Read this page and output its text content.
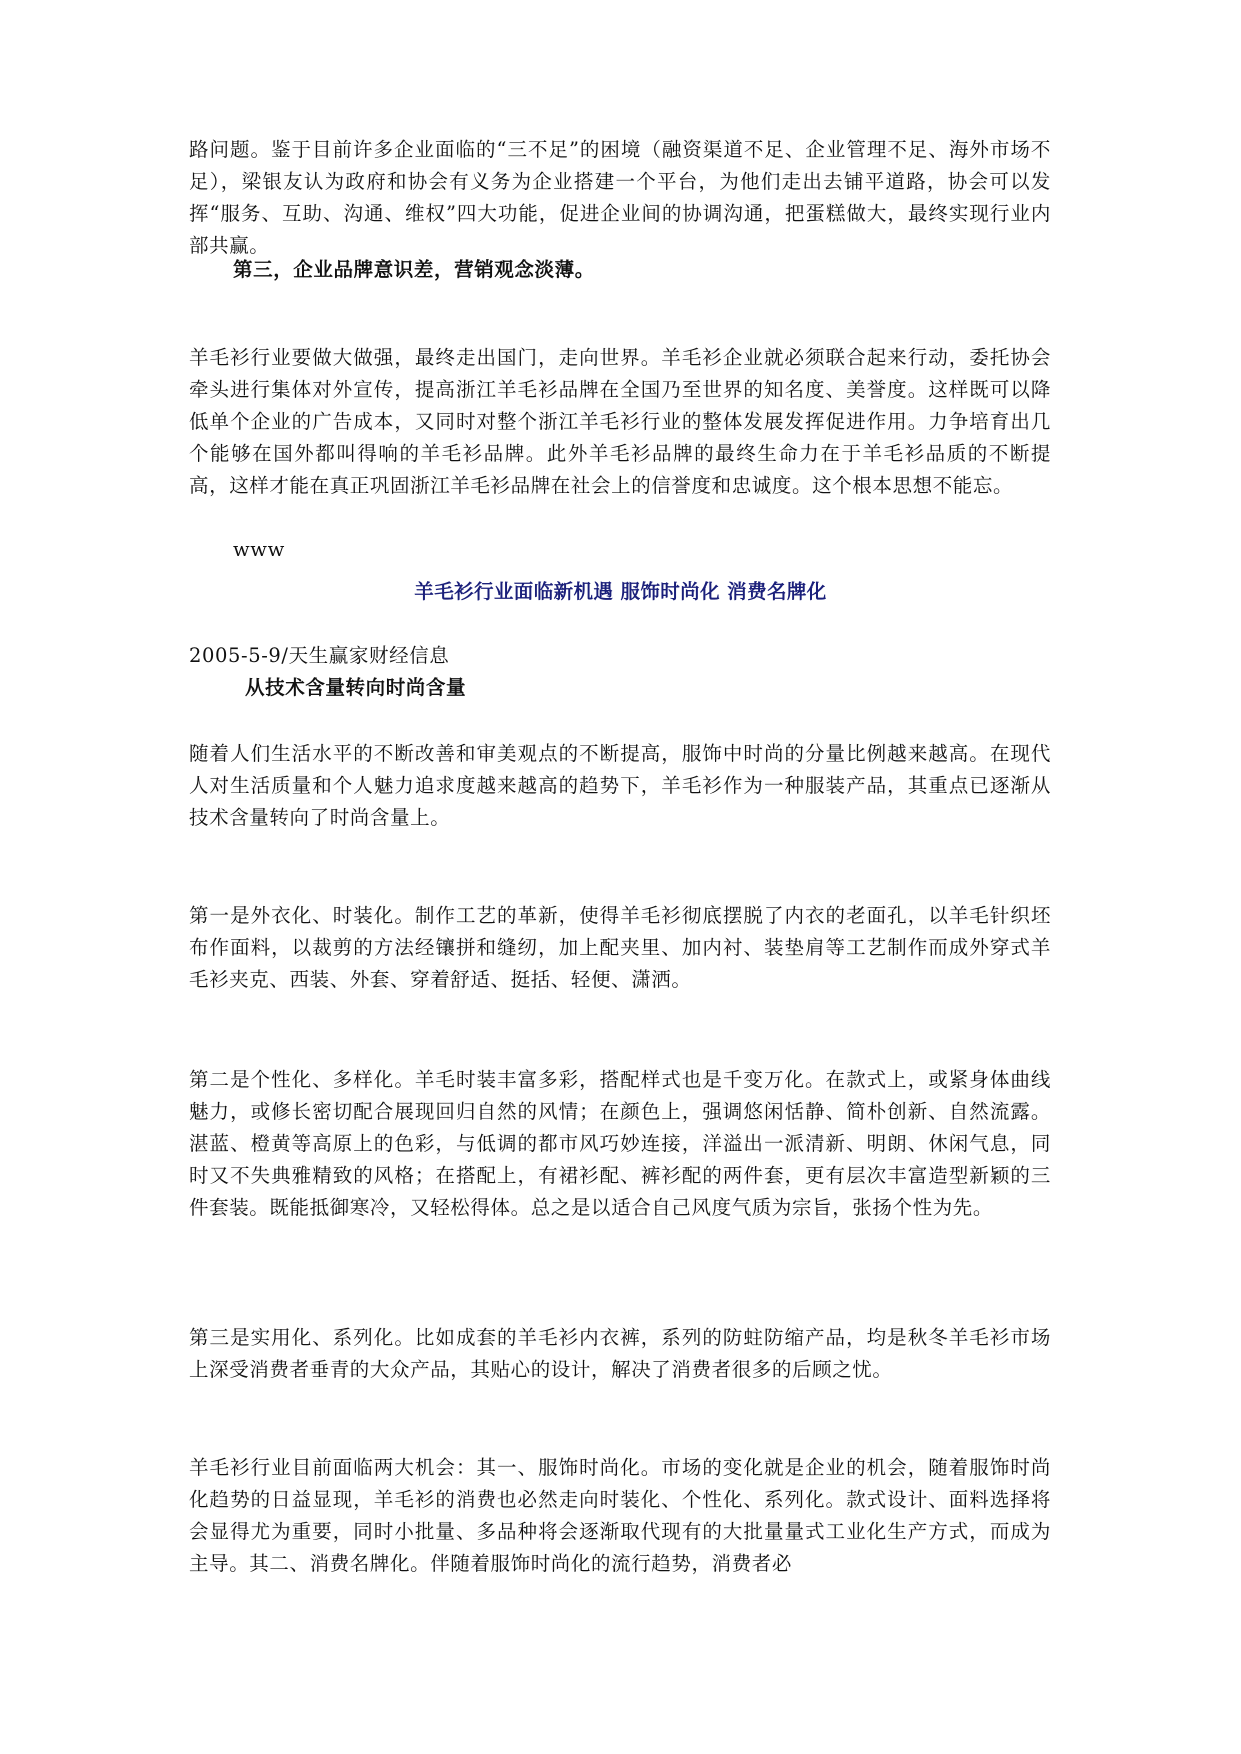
路问题。鉴于目前许多企业面临的“三不足”的困境（融资渠道不足、企业管理不足、海外市场不足），梁银友认为政府和协会有义务为企业搭建一个平台，为他们走出去铺平道路，协会可以发挥“服务、互助、沟通、维权”四大功能，促进企业间的协调沟通，把蛋糕做大，最终实现行业内部共赢。

第三，企业品牌意识差，营销观念淡薄。

羊毛衫行业要做大做强，最终走出国门，走向世界。羊毛衫企业就必须联合起来行动，委托协会牵头进行集体对外宣传，提高浙江羊毛衫品牌在全国乃至世界的知名度、美誉度。这样既可以降低单个企业的广告成本，又同时对整个浙江羊毛衫行业的整体发展发挥促进作用。力争培育出几个能够在国外都叫得响的羊毛衫品牌。此外羊毛衫品牌的最终生命力在于羊毛衫品质的不断提高，这样才能在真正巩固浙江羊毛衫品牌在社会上的信誉度和忠诚度。这个根本思想不能忘。

www

羊毛衫行业面临新机遇 服饰时尚化 消费名牌化

2005-5-9/天生赢家财经信息

从技术含量转向时尚含量

随着人们生活水平的不断改善和审美观点的不断提高，服饰中时尚的分量比例越来越高。在现代人对生活质量和个人魅力追求度越来越高的趋势下，羊毛衫作为一种服装产品，其重点已逐渐从技术含量转向了时尚含量上。

第一是外衣化、时装化。制作工艺的革新，使得羊毛衫彻底摆脱了内衣的老面孔，以羊毛针织坯布作面料，以裁剪的方法经镶拼和缝纫，加上配夹里、加内衬、装垫肩等工艺制作而成外穿式羊毛衫夹克、西装、外套、穿着舒适、挺括、轻便、潇洒。

第二是个性化、多样化。羊毛时装丰富多彩，搭配样式也是千变万化。在款式上，或紧身体曲线魅力，或修长密切配合展现回归自然的风情；在颜色上，强调悠闲恬静、简朴创新、自然流露。湛蓝、橙黄等高原上的色彩，与低调的都市风巧妙连接，洋溢出一派清新、明朗、休闲气息，同时又不失典雅精致的风格；在搭配上，有裙衫配、裤衫配的两件套，更有层次丰富造型新颖的三件套装。既能抵御寒冷，又轻松得体。总之是以适合自己风度气质为宗旨，张扬个性为先。

第三是实用化、系列化。比如成套的羊毛衫内衣裤，系列的防蛀防缩产品，均是秋冬羊毛衫市场上深受消费者垂青的大众产品，其贴心的设计，解决了消费者很多的后顾之忧。

羊毛衫行业目前面临两大机会：其一、服饰时尚化。市场的变化就是企业的机会，随着服饰时尚化趋势的日益显现，羊毛衫的消费也必然走向时装化、个性化、系列化。款式设计、面料选择将会显得尤为重要，同时小批量、多品种将会逐渐取代现有的大批量量式工业化生产方式，而成为主导。其二、消费名牌化。伴随着服饰时尚化的流行趋势，消费者必
